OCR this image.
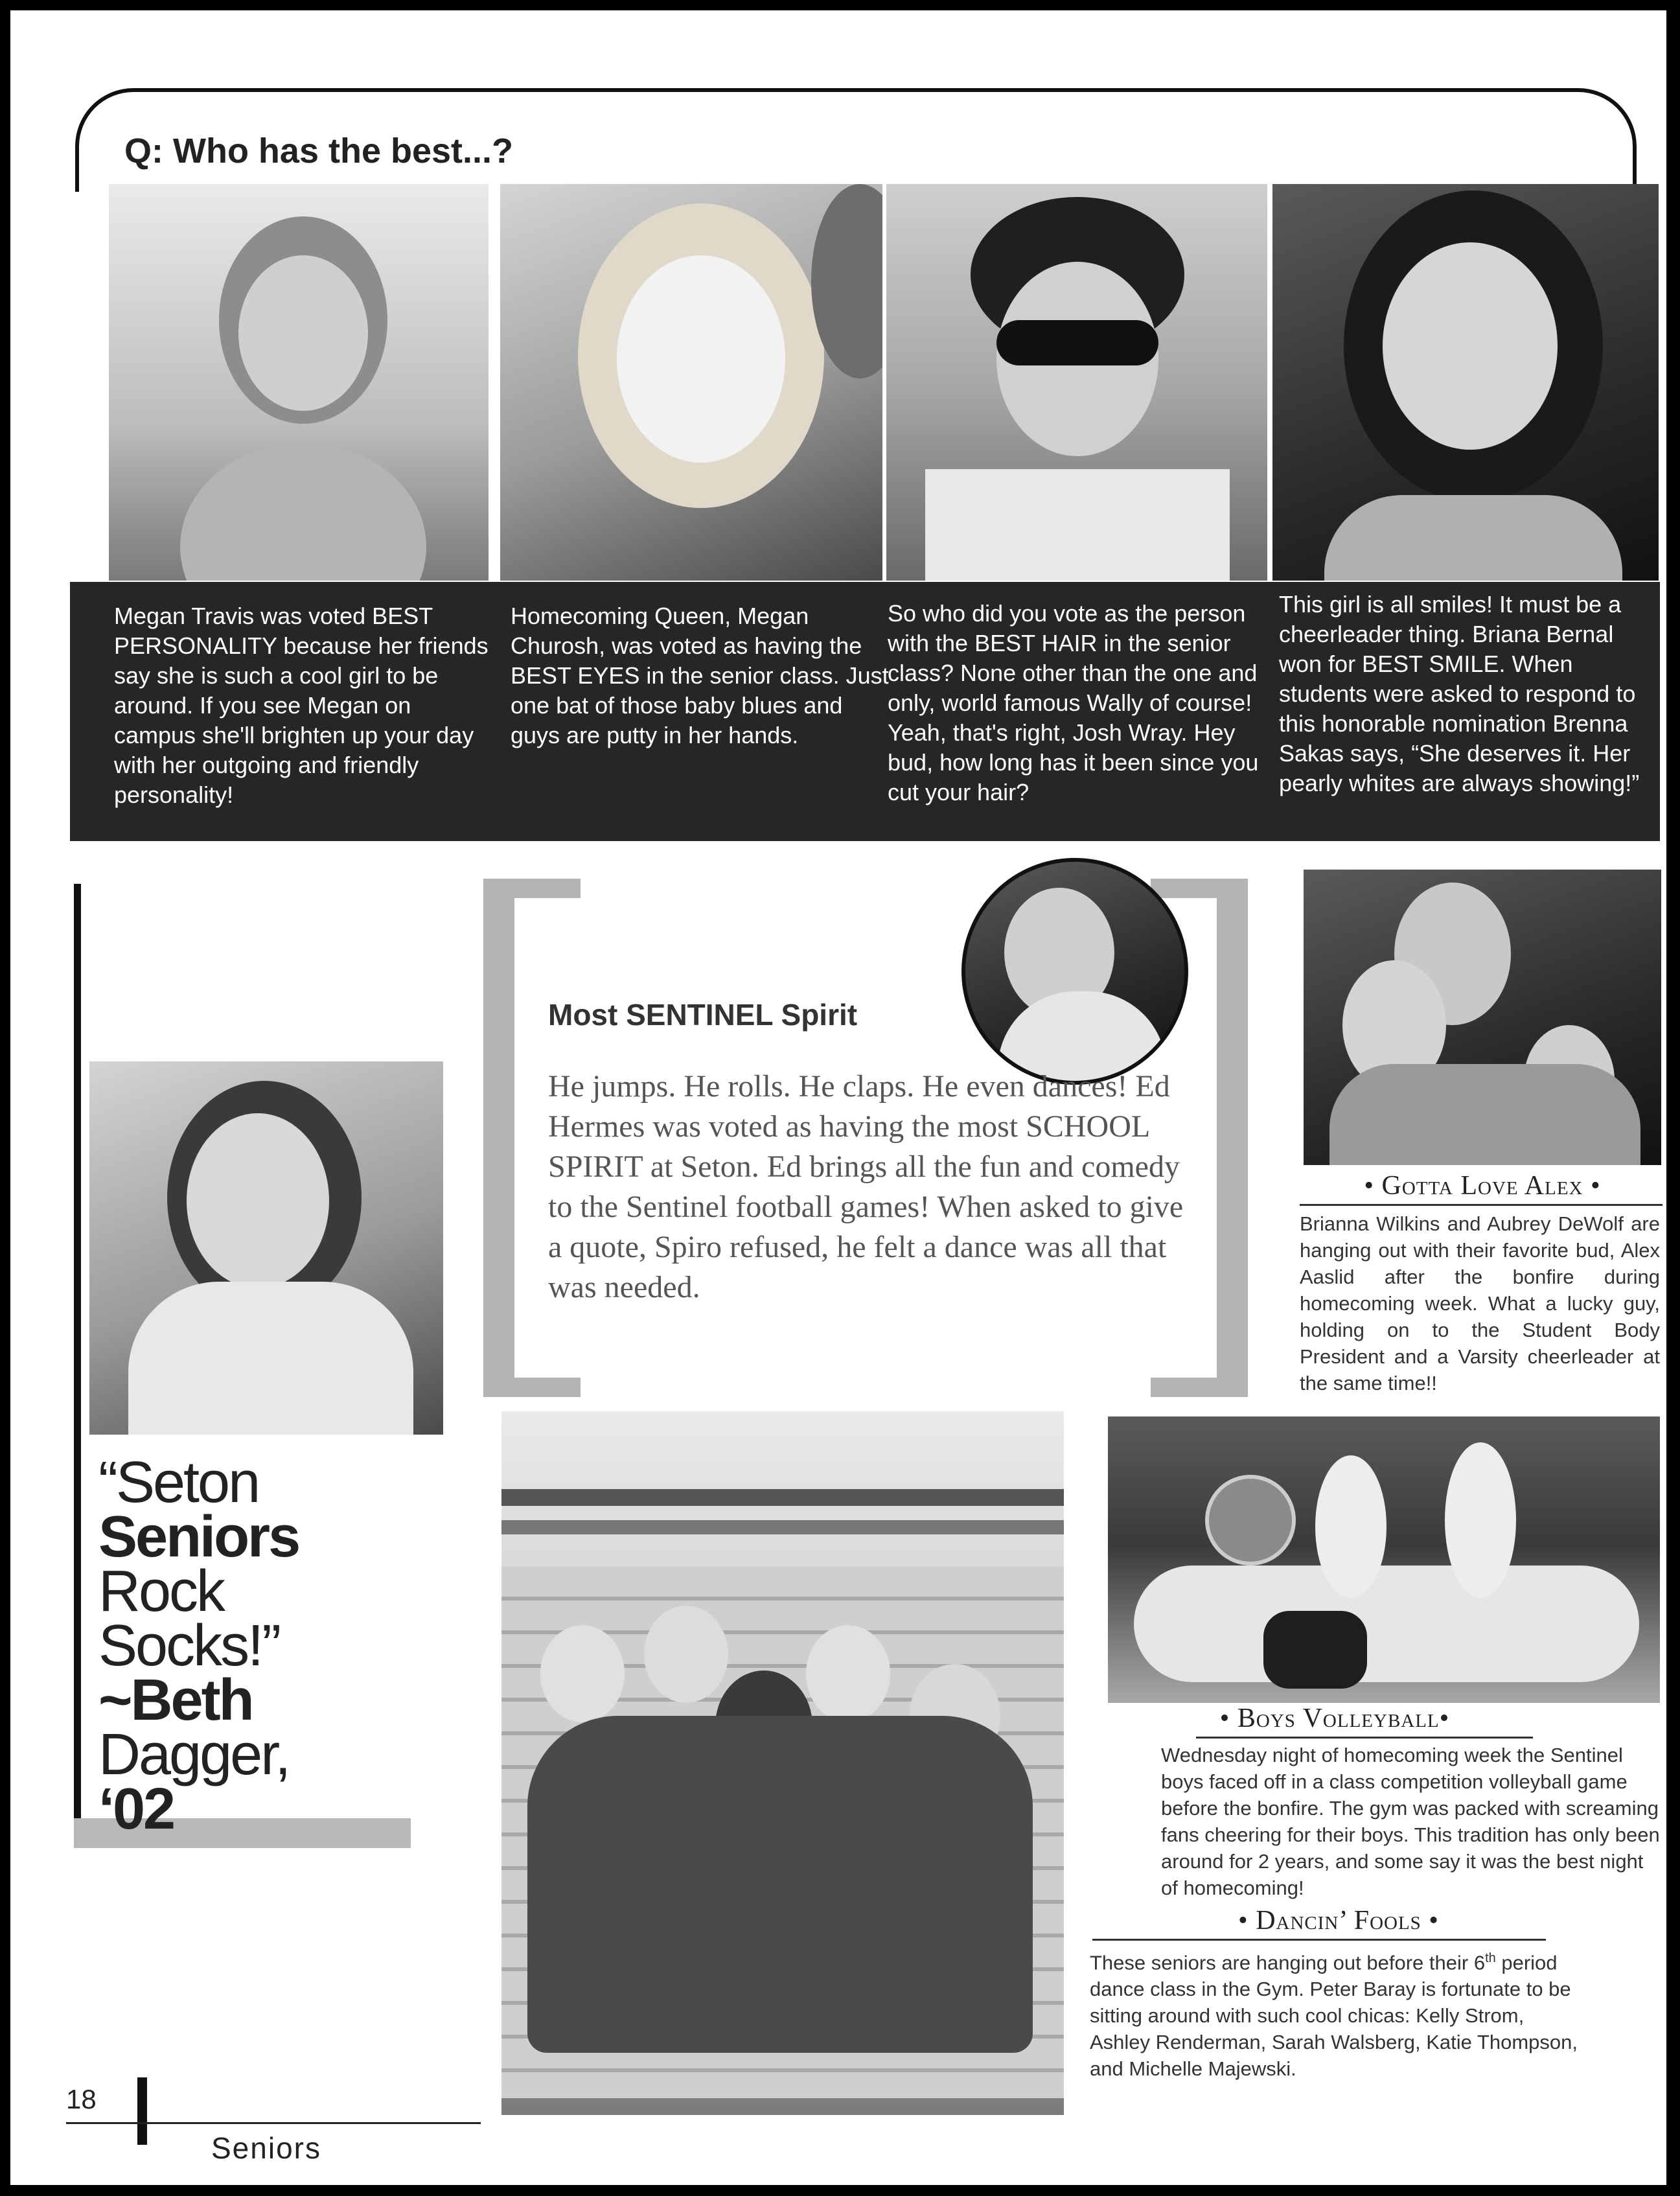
Q: Who has the best...?
Megan Travis was voted BEST PERSONALITY because her friends say she is such a cool girl to be around. If you see Megan on campus she'll brighten up your day with her outgoing and friendly personality!
Homecoming Queen, Megan Churosh, was voted as having the BEST EYES in the senior class. Just one bat of those baby blues and guys are putty in her hands.
So who did you vote as the person with the BEST HAIR in the senior class? None other than the one and only, world famous Wally of course! Yeah, that's right, Josh Wray. Hey bud, how long has it been since you cut your hair?
This girl is all smiles! It must be a cheerleader thing. Briana Bernal won for BEST SMILE. When students were asked to respond to this honorable nomination Brenna Sakas says, “She deserves it. Her pearly whites are always showing!”
“Seton
Seniors
Rock
Socks!”
~Beth
Dagger,
‘02
Most SENTINEL Spirit
He jumps. He rolls. He claps. He even dances! Ed Hermes was voted as having the most SCHOOL SPIRIT at Seton. Ed brings all the fun and comedy to the Sentinel football games! When asked to give a quote, Spiro refused, he felt a dance was all that was needed.
• Gotta Love Alex •
Brianna Wilkins and Aubrey DeWolf are hanging out with their favorite bud, Alex Aaslid after the bonfire during homecoming week. What a lucky guy, holding on to the Student Body President and a Varsity cheerleader at the same time!!
• Boys Volleyball•
Wednesday night of homecoming week the Sentinel boys faced off in a class competition volleyball game before the bonfire. The gym was packed with screaming fans cheering for their boys. This tradition has only been around for 2 years, and some say it was the best night of homecoming!
• Dancin’ Fools •
These seniors are hanging out before their 6th period dance class in the Gym. Peter Baray is fortunate to be sitting around with such cool chicas: Kelly Strom, Ashley Renderman, Sarah Walsberg, Katie Thompson, and Michelle Majewski.
18
Seniors
